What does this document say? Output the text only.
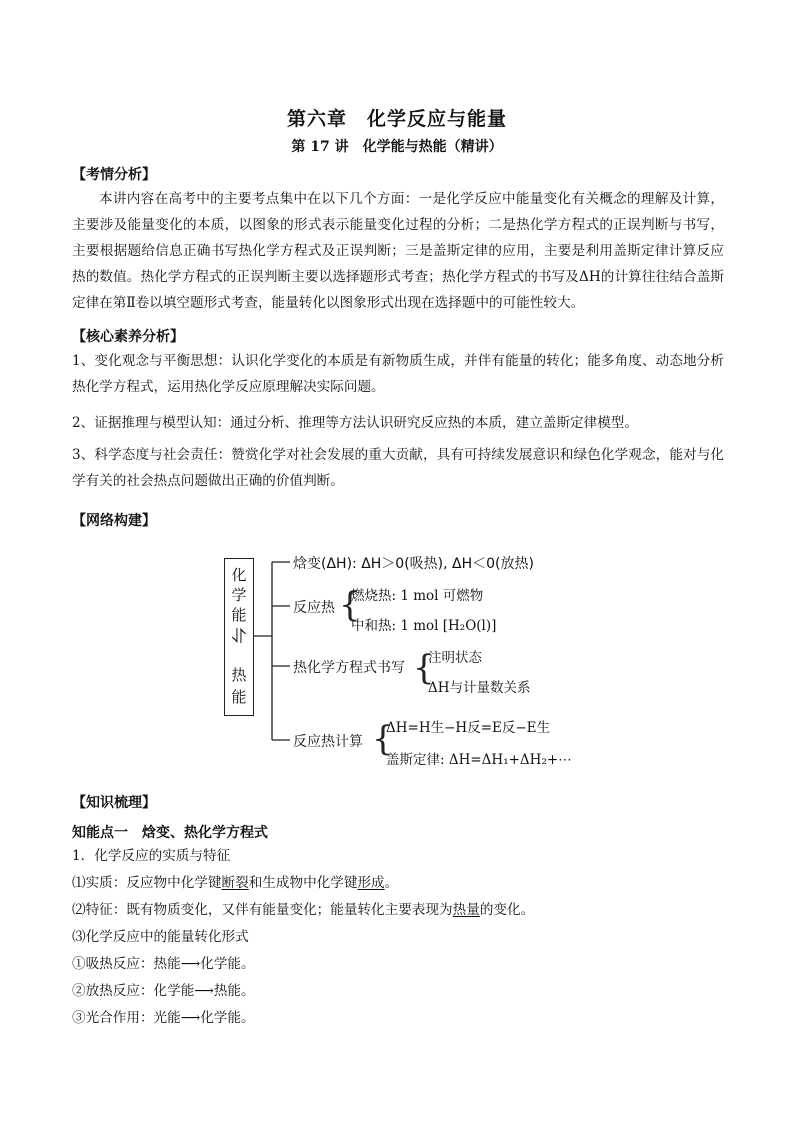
第六章　化学反应与能量
第 17 讲　化学能与热能（精讲）
【考情分析】

本讲内容在高考中的主要考点集中在以下几个方面：一是化学反应中能量变化有关概念的理解及计算，主要涉及能量变化的本质，以图象的形式表示能量变化过程的分析；二是热化学方程式的正误判断与书写，主要根据题给信息正确书写热化学方程式及正误判断；三是盖斯定律的应用，主要是利用盖斯定律计算反应热的数值。热化学方程式的正误判断主要以选择题形式考查；热化学方程式的书写及ΔH的计算往往结合盖斯定律在第Ⅱ卷以填空题形式考查，能量转化以图象形式出现在选择题中的可能性较大。

【核心素养分析】

1、变化观念与平衡思想：认识化学变化的本质是有新物质生成，并伴有能量的转化；能多角度、动态地分析热化学方程式，运用热化学反应原理解决实际问题。

2、证据推理与模型认知：通过分析、推理等方法认识研究反应热的本质，建立盖斯定律模型。

3、科学态度与社会责任：赞赏化学对社会发展的重大贡献，具有可持续发展意识和绿色化学观念，能对与化学有关的社会热点问题做出正确的价值判断。

【网络构建】
化
学
能
⥯
热
能
焓变(ΔH): ΔH＞0(吸热), ΔH＜0(放热)
反应热 {
燃烧热: 1 mol 可燃物
中和热: 1 mol [H₂O(l)]
热化学方程式书写 {
注明状态
ΔH与计量数关系
反应热计算 {
ΔH=H生−H反=E反−E生
盖斯定律: ΔH=ΔH₁+ΔH₂+⋯
【知识梳理】
知能点一　焓变、热化学方程式
1．化学反应的实质与特征
⑴实质：反应物中化学键断裂和生成物中化学键形成。
⑵特征：既有物质变化，又伴有能量变化；能量转化主要表现为热量的变化。
⑶化学反应中的能量转化形式
①吸热反应：热能⟶化学能。
②放热反应：化学能⟶热能。
③光合作用：光能⟶化学能。
